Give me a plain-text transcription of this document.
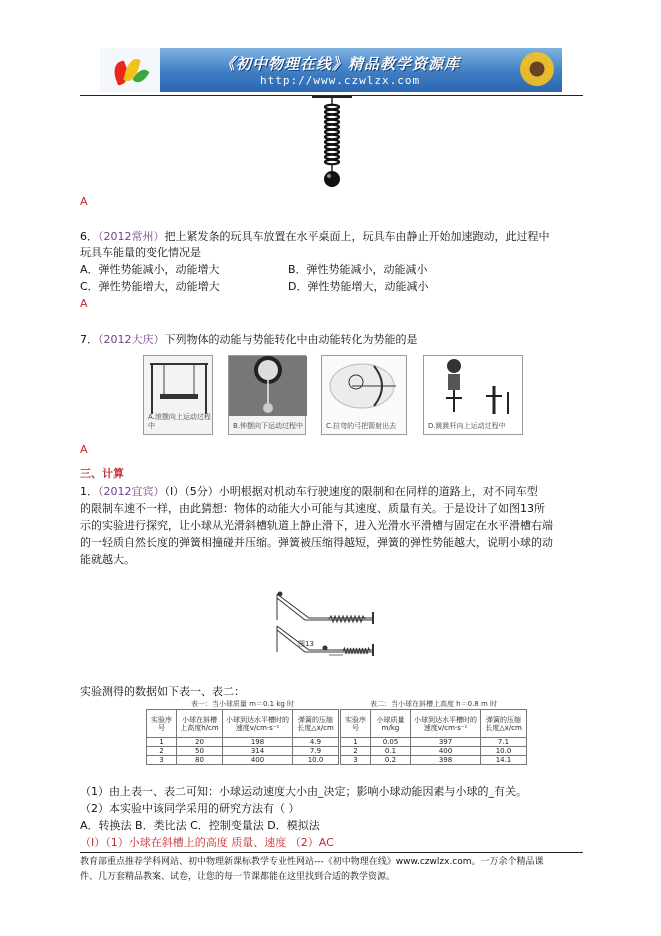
《初中物理在线》精品教学资源库
http://www.czwlzx.com
A
6．（2012常州）把上紧发条的玩具车放置在水平桌面上，玩具车由静止开始加速跑动，此过程中
玩具车能量的变化情况是
A．弹性势能减小，动能增大	B．弹性势能减小，动能减小
C．弹性势能增大，动能增大	D．弹性势能增大，动能减小
A
7．（2012大庆）下列物体的动能与势能转化中由动能转化为势能的是
A.滚摆向上运动过程中	B.钟摆向下运动过程中	C.拉弯的弓把箭射出去	D.跳跳杆向上运动过程中
A
三、计算
1．（2012宜宾）（I）（5分）小明根据对机动车行驶速度的限制和在同样的道路上，对不同车型
的限制车速不一样，由此猜想：物体的动能大小可能与其速度、质量有关。于是设计了如图13所
示的实验进行探究，让小球从光滑斜槽轨道上静止滑下，进入光滑水平滑槽与固定在水平滑槽右端
的一轻质自然长度的弹簧相撞碰并压缩。弹簧被压缩得越短，弹簧的弹性势能越大，说明小球的动
能就越大。
图13
实验测得的数据如下表一、表二：
表一：当小球质量 m＝0.1 kg 时
实验序号	小球在斜槽上高度h/cm	小球到达水平槽时的速度v/cm·s⁻¹	弹簧的压缩长度△x/cm
1	20	198	4.9
2	50	314	7.9
3	80	400	10.0
表二：当小球在斜槽上高度 h＝0.8 m 时
实验序号	小球质量m/kg	小球到达水平槽时的速度v/cm·s⁻¹	弹簧的压缩长度△x/cm
1	0.05	397	7.1
2	0.1	400	10.0
3	0.2	398	14.1
（1）由上表一、表二可知：小球运动速度大小由_决定；影响小球动能因素与小球的_有关。
（2）本实验中该同学采用的研究方法有（ ）
A．转换法 B．类比法 C．控制变量法 D．模拟法
（I）（1）小球在斜槽上的高度 质量、速度 （2）AC
教育部重点推荐学科网站、初中物理新课标教学专业性网站---《初中物理在线》www.czwlzx.com。一万余个精品课
件、几万套精品教案、试卷，让您的每一节课都能在这里找到合适的教学资源。
